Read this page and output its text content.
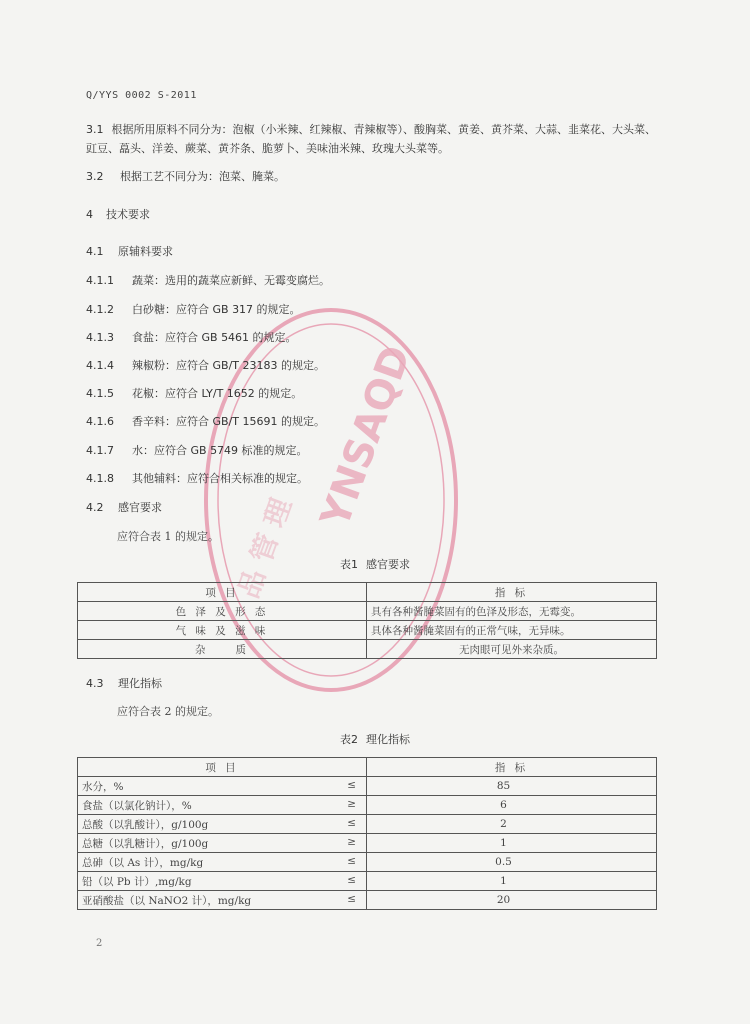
YNSAQD
品 管 理
Q/YYS 0002 S-2011
3.1 根据所用原料不同分为：泡椒（小米辣、红辣椒、青辣椒等）、酸胸菜、黄姜、黄芥菜、大蒜、韭菜花、大头菜、豇豆、藠头、洋姜、蕨菜、黄芥条、脆萝卜、美味油米辣、玫瑰大头菜等。
3.2 根据工艺不同分为：泡菜、腌菜。
4 技术要求
4.1 原辅料要求
4.1.1 蔬菜：选用的蔬菜应新鲜、无霉变腐烂。
4.1.2 白砂糖：应符合 GB 317 的规定。
4.1.3 食盐：应符合 GB 5461 的规定。
4.1.4 辣椒粉：应符合 GB/T 23183 的规定。
4.1.5 花椒：应符合 LY/T 1652 的规定。
4.1.6 香辛料：应符合 GB/T 15691 的规定。
4.1.7 水：应符合 GB 5749 标准的规定。
4.1.8 其他辅料：应符合相关标准的规定。
4.2 感官要求
应符合表 1 的规定。
表1 感官要求
项 目	指 标
色 泽 及 形 态	具有各种酱腌菜固有的色泽及形态，无霉变。
气 味 及 滋 味	具体各种酱腌菜固有的正常气味，无异味。
杂　　质	无肉眼可见外来杂质。
4.3 理化指标
应符合表 2 的规定。
表2 理化指标
项 目	指 标
水分，% ≤	85
食盐（以氯化钠计），% ≥	6
总酸（以乳酸计），g/100g ≤	2
总糖（以乳糖计），g/100g ≥	1
总砷（以 As 计），mg/kg ≤	0.5
铅（以 Pb 计）,mg/kg ≤	1
亚硝酸盐（以 NaNO2 计），mg/kg ≤	20
2
